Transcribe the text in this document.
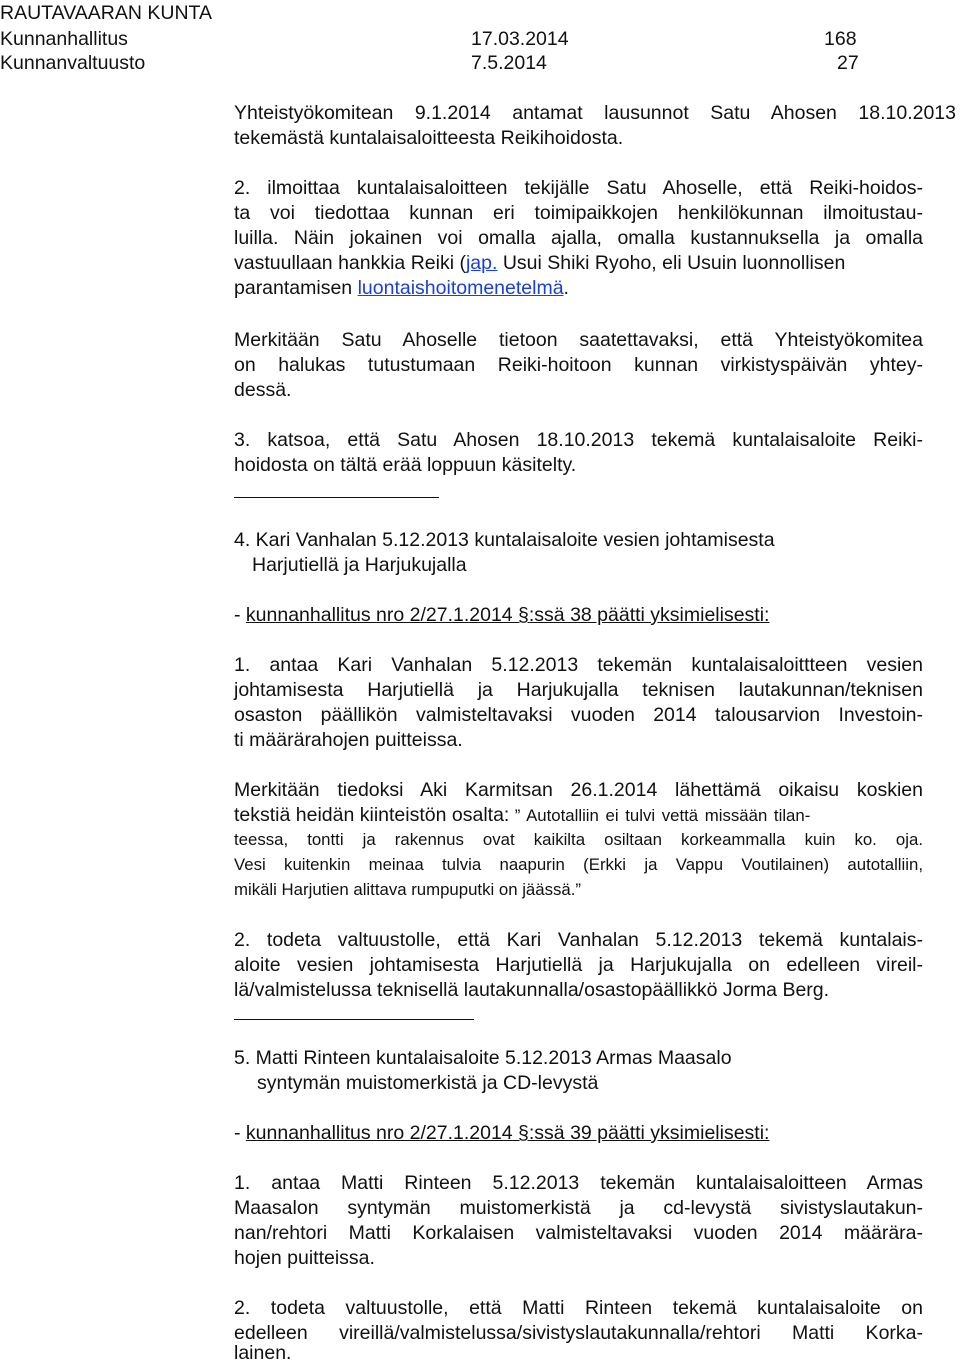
RAUTAVAARAN KUNTA
Kunnanhallitus	17.03.2014	168
Kunnanvaltuusto	7.5.2014	27
Yhteistyökomitean 9.1.2014 antamat lausunnot Satu Ahosen 18.10.2013
tekemästä kuntalaisaloitteesta Reikihoidosta.
2. ilmoittaa kuntalaisaloitteen tekijälle Satu Ahoselle, että Reiki-hoidos-
ta voi tiedottaa kunnan eri toimipaikkojen henkilökunnan ilmoitustau-
luilla. Näin jokainen voi omalla ajalla, omalla kustannuksella ja omalla
vastuullaan hankkia Reiki (jap. Usui Shiki Ryoho, eli Usuin luonnollisen
parantamisen luontaishoitomenetelmä.
Merkitään Satu Ahoselle tietoon saatettavaksi, että Yhteistyökomitea
on halukas tutustumaan Reiki-hoitoon kunnan virkistyspäivän yhtey-
dessä.
3. katsoa, että Satu Ahosen 18.10.2013 tekemä kuntalaisaloite Reiki-
hoidosta on tältä erää loppuun käsitelty.
4. Kari Vanhalan 5.12.2013 kuntalaisaloite vesien johtamisesta
Harjutiellä ja Harjukujalla
- kunnanhallitus nro 2/27.1.2014 §:ssä 38 päätti yksimielisesti:
1. antaa Kari Vanhalan 5.12.2013 tekemän kuntalaisaloittteen vesien
johtamisesta Harjutiellä ja Harjukujalla teknisen lautakunnan/teknisen
osaston päällikön valmisteltavaksi vuoden 2014 talousarvion Investoin-
ti määrärahojen puitteissa.
Merkitään tiedoksi Aki Karmitsan 26.1.2014 lähettämä oikaisu koskien
tekstiä heidän kiinteistön osalta: ” Autotalliin ei tulvi vettä missään tilan-
teessa, tontti ja rakennus ovat kaikilta osiltaan korkeammalla kuin ko. oja.
Vesi kuitenkin meinaa tulvia naapurin (Erkki ja Vappu Voutilainen) autotalliin,
mikäli Harjutien alittava rumpuputki on jäässä.”
2. todeta valtuustolle, että Kari Vanhalan 5.12.2013 tekemä kuntalais-
aloite vesien johtamisesta Harjutiellä ja Harjukujalla on edelleen vireil-
lä/valmistelussa teknisellä lautakunnalla/osastopäällikkö Jorma Berg.
5. Matti Rinteen kuntalaisaloite 5.12.2013 Armas Maasalo
syntymän muistomerkistä ja CD-levystä
- kunnanhallitus nro 2/27.1.2014 §:ssä 39 päätti yksimielisesti:
1. antaa Matti Rinteen 5.12.2013 tekemän kuntalaisaloitteen Armas
Maasalon syntymän muistomerkistä ja cd-levystä sivistyslautakun-
nan/rehtori Matti Korkalaisen valmisteltavaksi vuoden 2014 määrära-
hojen puitteissa.
2. todeta valtuustolle, että Matti Rinteen tekemä kuntalaisaloite on
edelleen vireillä/valmistelussa/sivistyslautakunnalla/rehtori Matti Korka-
lainen.
